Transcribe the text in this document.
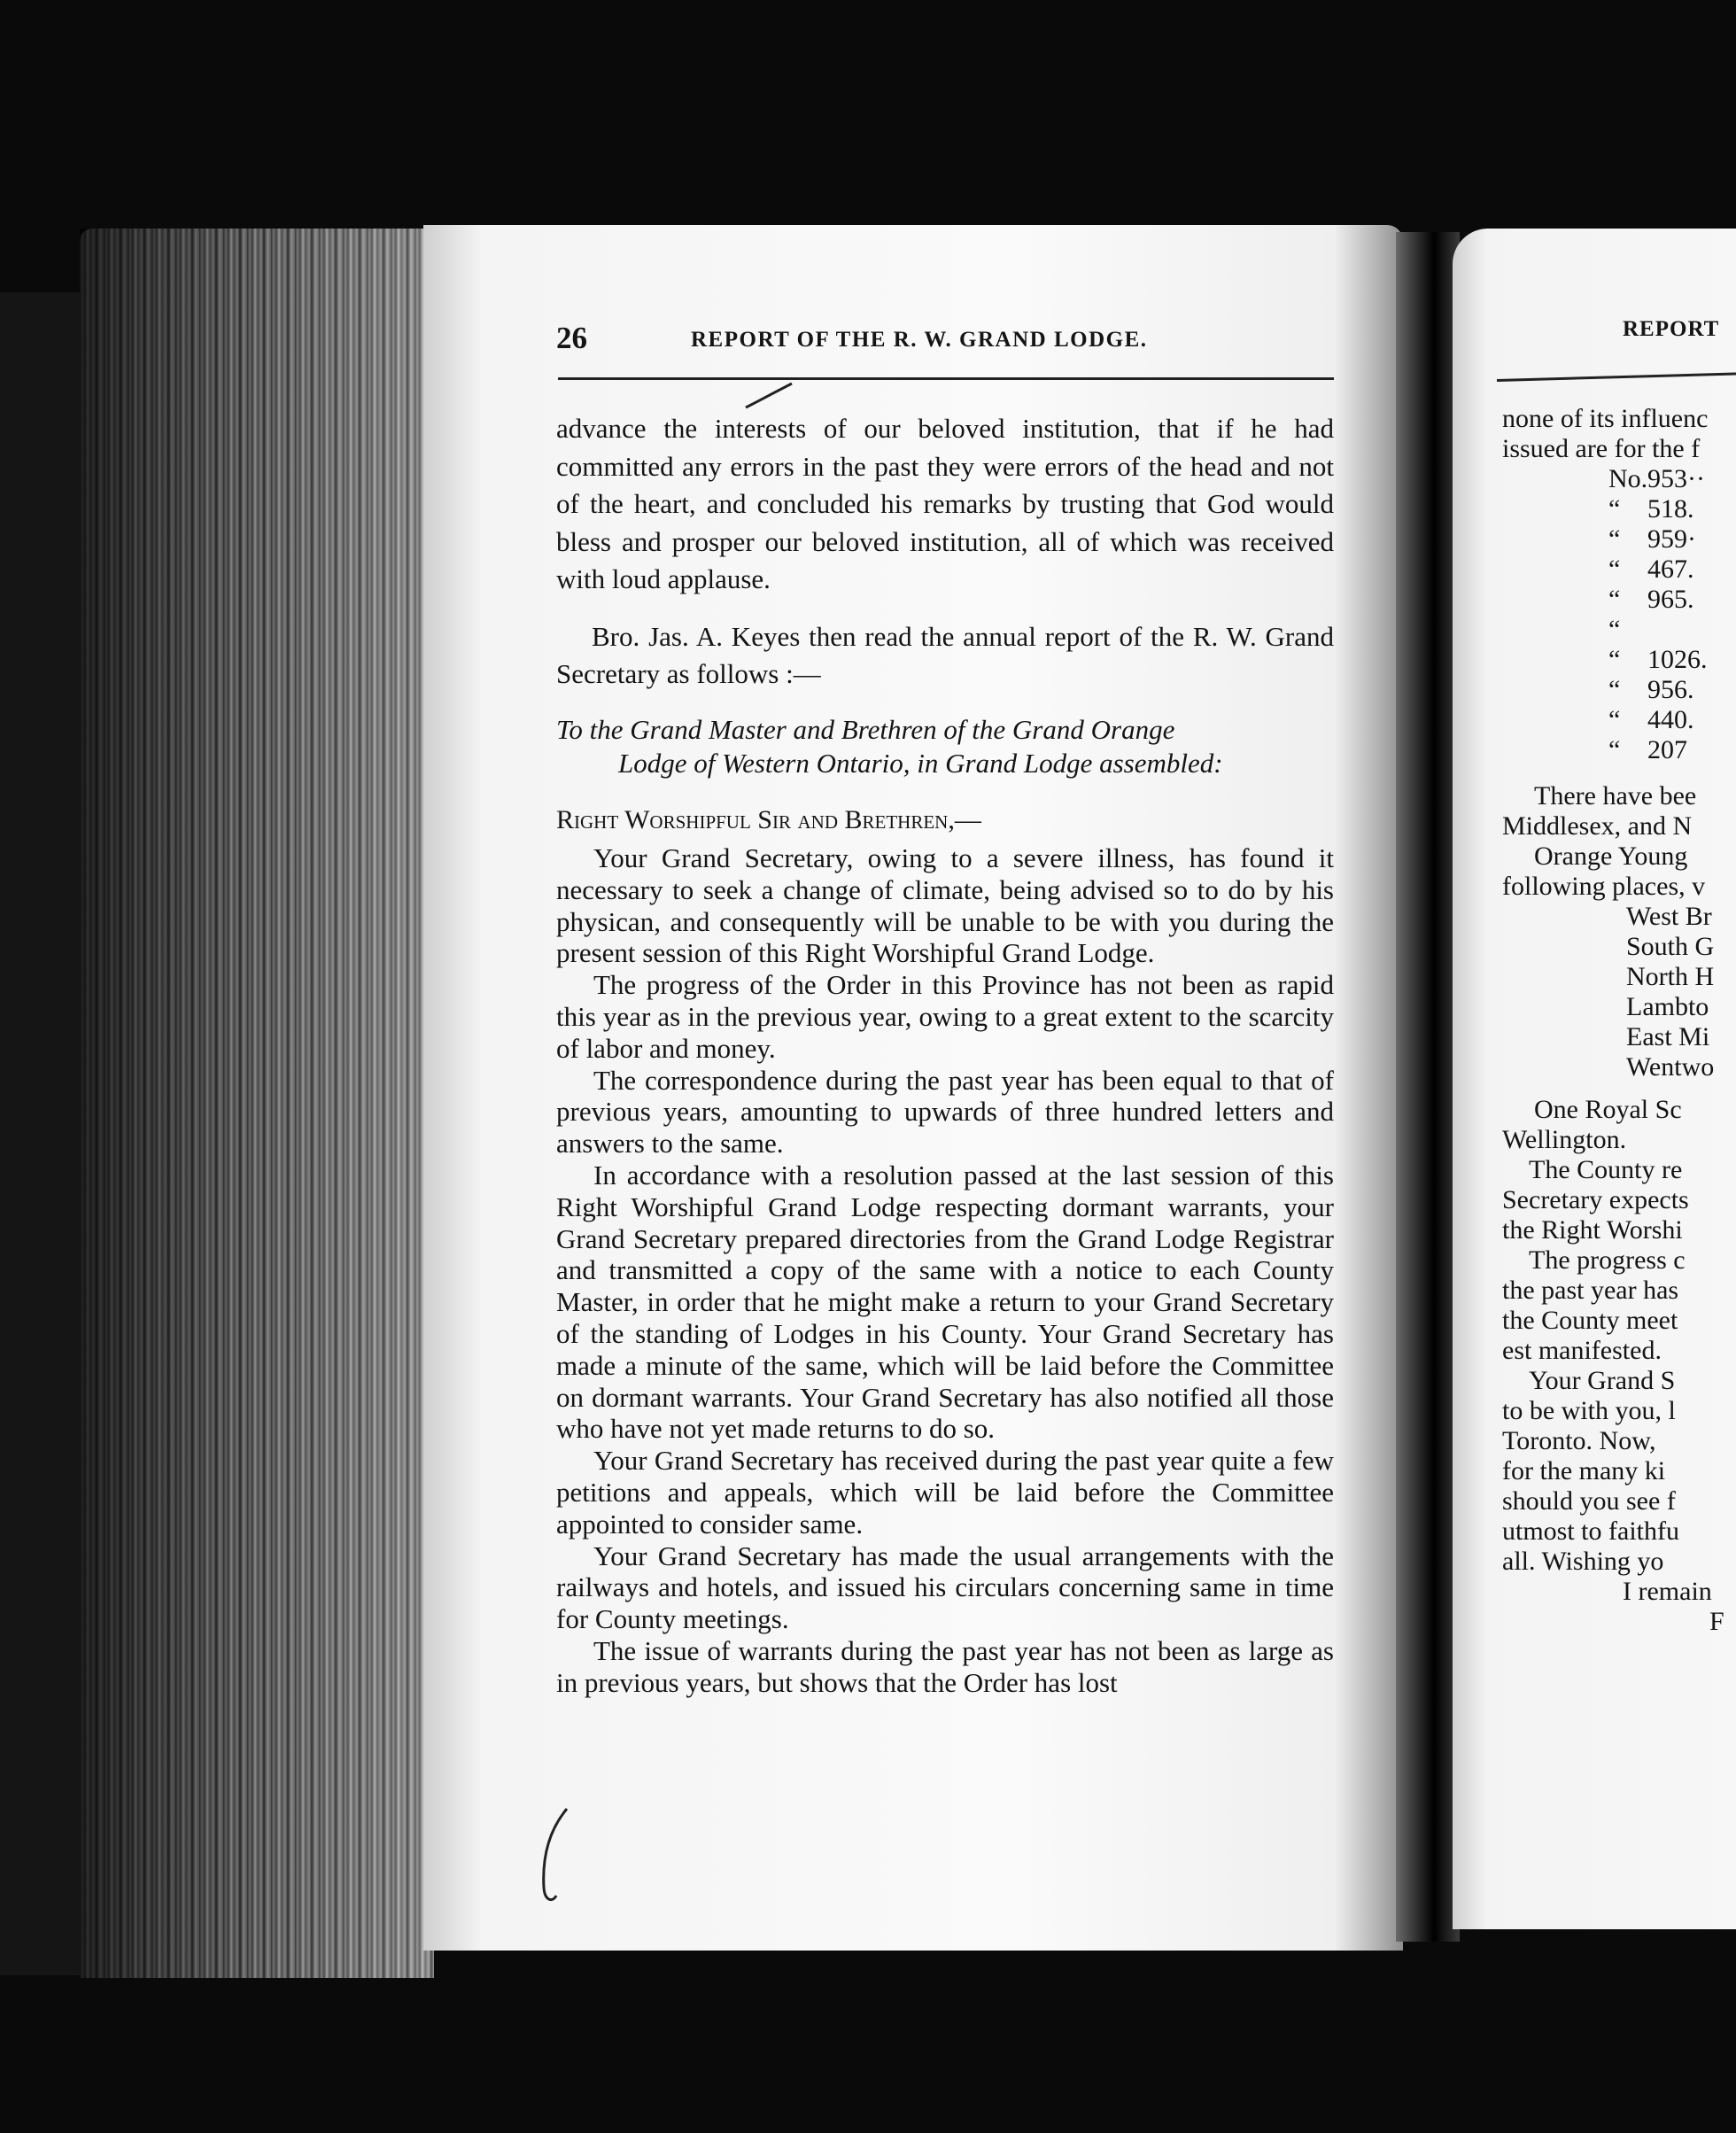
26	REPORT OF THE R. W. GRAND LODGE.

advance the interests of our beloved institution, that if he had committed any errors in the past they were errors of the head and not of the heart, and concluded his remarks by trusting that God would bless and prosper our beloved institution, all of which was received with loud applause.

Bro. Jas. A. Keyes then read the annual report of the R. W. Grand Secretary as follows :—

To the Grand Master and Brethren of the Grand Orange
Lodge of Western Ontario, in Grand Lodge assembled:

Right Worshipful Sir and Brethren,—

Your Grand Secretary, owing to a severe illness, has found it necessary to seek a change of climate, being advised so to do by his physican, and consequently will be unable to be with you during the present session of this Right Worshipful Grand Lodge.

The progress of the Order in this Province has not been as rapid this year as in the previous year, owing to a great extent to the scarcity of labor and money.

The correspondence during the past year has been equal to that of previous years, amounting to upwards of three hundred letters and answers to the same.

In accordance with a resolution passed at the last session of this Right Worshipful Grand Lodge respecting dormant warrants, your Grand Secretary prepared directories from the Grand Lodge Registrar and transmitted a copy of the same with a notice to each County Master, in order that he might make a return to your Grand Secretary of the standing of Lodges in his County. Your Grand Secretary has made a minute of the same, which will be laid before the Committee on dormant warrants. Your Grand Secretary has also notified all those who have not yet made returns to do so.

Your Grand Secretary has received during the past year quite a few petitions and appeals, which will be laid before the Committee appointed to consider same.

Your Grand Secretary has made the usual arrangements with the railways and hotels, and issued his circulars concerning same in time for County meetings.

The issue of warrants during the past year has not been as large as in previous years, but shows that the Order has lost

REPORT
none of its influenc
issued are for the f
No.953··
“ 518.
“ 959·
“ 467.
“ 965.
“
“ 1026.
“ 956.
“ 440.
“ 207
There have bee
Middlesex, and N
Orange Young
following places, v
West Br
South G
North H
Lambto
East Mi
Wentwo
One Royal Sc
Wellington.
The County re
Secretary expects
the Right Worshi
The progress c
the past year has
the County meet
est manifested.
Your Grand S
to be with you, l
Toronto. Now,
for the many ki
should you see f
utmost to faithfu
all. Wishing yo
I remain
F
